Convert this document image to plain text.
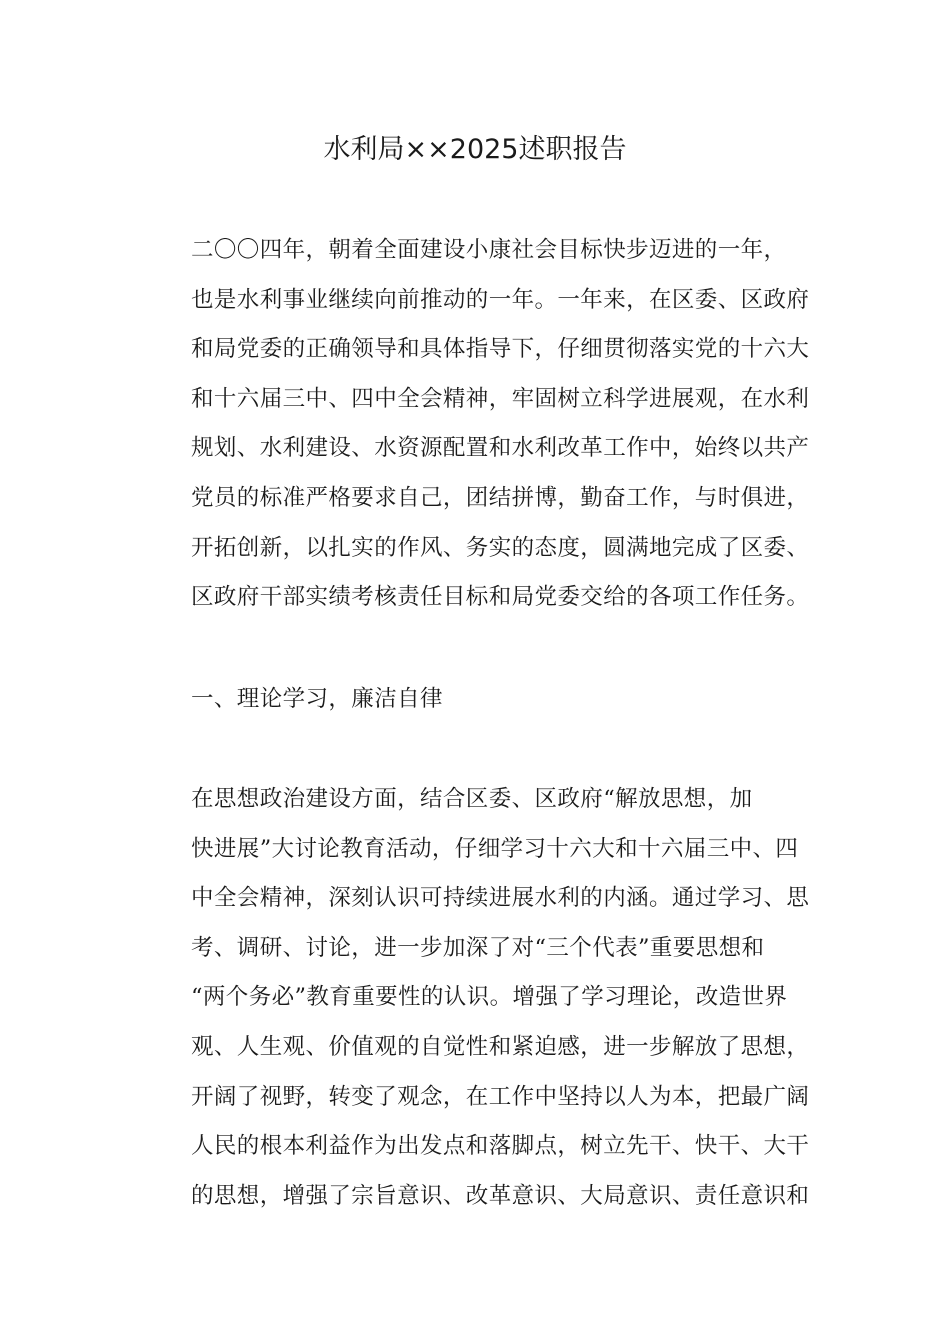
水利局××2025述职报告

二〇〇四年，朝着全面建设小康社会目标快步迈进的一年，
也是水利事业继续向前推动的一年。一年来，在区委、区政府
和局党委的正确领导和具体指导下，仔细贯彻落实党的十六大
和十六届三中、四中全会精神，牢固树立科学进展观，在水利
规划、水利建设、水资源配置和水利改革工作中，始终以共产
党员的标准严格要求自己，团结拼博，勤奋工作，与时俱进，
开拓创新，以扎实的作风、务实的态度，圆满地完成了区委、
区政府干部实绩考核责任目标和局党委交给的各项工作任务。

一、理论学习，廉洁自律

在思想政治建设方面，结合区委、区政府“解放思想，加
快进展”大讨论教育活动，仔细学习十六大和十六届三中、四
中全会精神，深刻认识可持续进展水利的内涵。通过学习、思
考、调研、讨论，进一步加深了对“三个代表”重要思想和
“两个务必”教育重要性的认识。增强了学习理论，改造世界
观、人生观、价值观的自觉性和紧迫感，进一步解放了思想，
开阔了视野，转变了观念，在工作中坚持以人为本，把最广阔
人民的根本利益作为出发点和落脚点，树立先干、快干、大干
的思想，增强了宗旨意识、改革意识、大局意识、责任意识和
